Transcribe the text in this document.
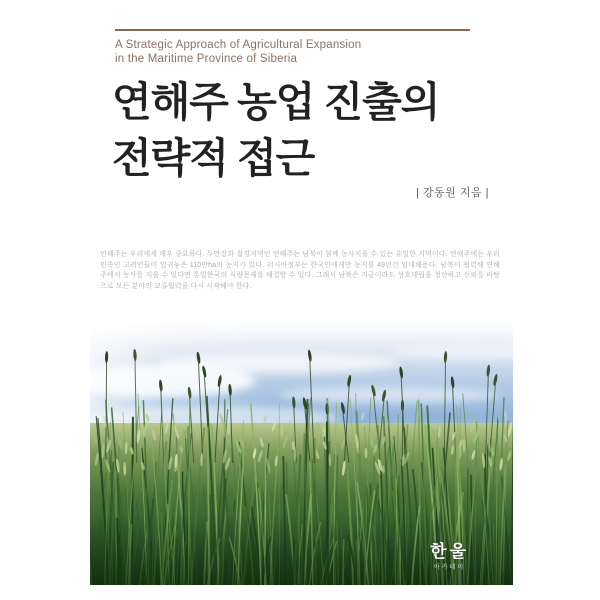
A Strategic Approach of Agricultural Expansion
in the Maritime Province of Siberia
연해주 농업 진출의
전략적 접근
| 강동원 지음 |
연해주는 우리에게 매우 중요하다. 두만강과 접경지역인 연해주는 남북이 함께 농사지을 수 있는 유일한 지역이다. 연해주에는 우리 민족인 고려인들이 일궈놓은 110만ha의 농지가 있다. 러시아정부는 한국인에게만 농지를 49년간 임대해준다. 남북이 협력해 연해주에서 농사를 지을 수 있다면 통일한국의 식량문제를 해결할 수 있다. 그래서 남북은 지금이라도 상호대립을 청산하고 신뢰를 바탕으로 모든 분야의 교류협력을 다시 시작해야 한다.
한울
아카데미
